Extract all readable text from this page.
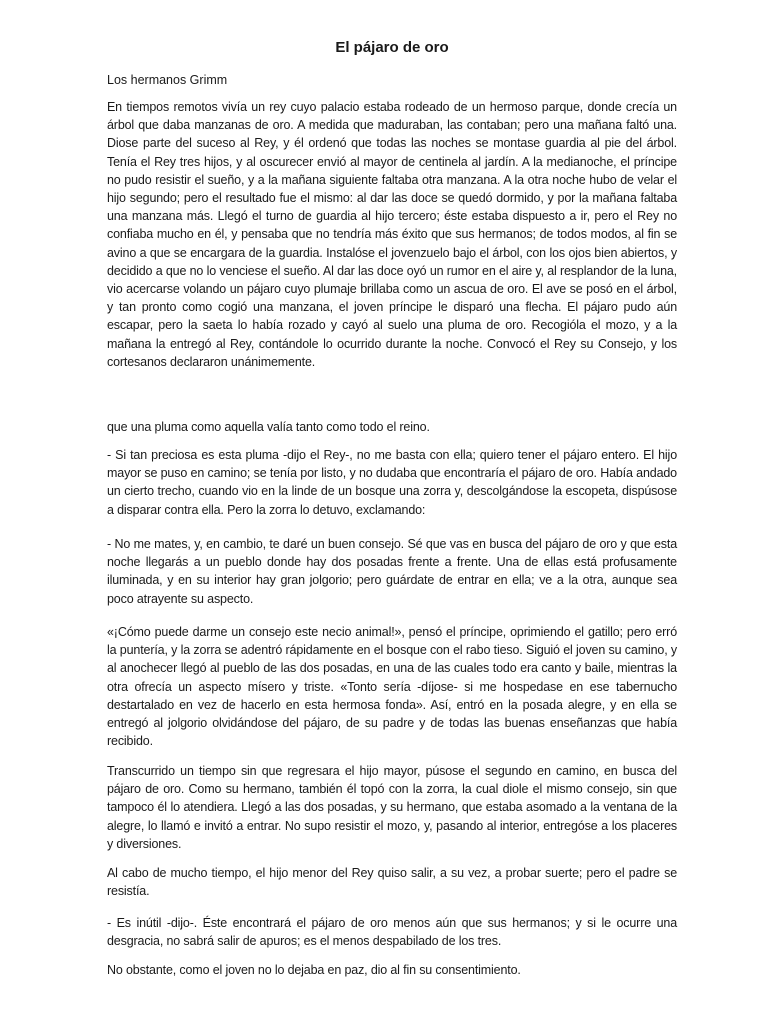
El pájaro de oro

Los hermanos Grimm

En tiempos remotos vivía un rey cuyo palacio estaba rodeado de un hermoso parque, donde crecía un árbol que daba manzanas de oro. A medida que maduraban, las contaban; pero una mañana faltó una. Diose parte del suceso al Rey, y él ordenó que todas las noches se montase guardia al pie del árbol. Tenía el Rey tres hijos, y al oscurecer envió al mayor de centinela al jardín. A la medianoche, el príncipe no pudo resistir el sueño, y a la mañana siguiente faltaba otra manzana. A la otra noche hubo de velar el hijo segundo; pero el resultado fue el mismo: al dar las doce se quedó dormido, y por la mañana faltaba una manzana más. Llegó el turno de guardia al hijo tercero; éste estaba dispuesto a ir, pero el Rey no confiaba mucho en él, y pensaba que no tendría más éxito que sus hermanos; de todos modos, al fin se avino a que se encargara de la guardia. Instalóse el jovenzuelo bajo el árbol, con los ojos bien abiertos, y decidido a que no lo venciese el sueño. Al dar las doce oyó un rumor en el aire y, al resplandor de la luna, vio acercarse volando un pájaro cuyo plumaje brillaba como un ascua de oro. El ave se posó en el árbol, y tan pronto como cogió una manzana, el joven príncipe le disparó una flecha. El pájaro pudo aún escapar, pero la saeta lo había rozado y cayó al suelo una pluma de oro. Recogióla el mozo, y a la mañana la entregó al Rey, contándole lo ocurrido durante la noche. Convocó el Rey su Consejo, y los cortesanos declararon unánimemente.

que una pluma como aquella valía tanto como todo el reino.

- Si tan preciosa es esta pluma -dijo el Rey-, no me basta con ella; quiero tener el pájaro entero. El hijo mayor se puso en camino; se tenía por listo, y no dudaba que encontraría el pájaro de oro. Había andado un cierto trecho, cuando vio en la linde de un bosque una zorra y, descolgándose la escopeta, dispúsose a disparar contra ella. Pero la zorra lo detuvo, exclamando:

- No me mates, y, en cambio, te daré un buen consejo. Sé que vas en busca del pájaro de oro y que esta noche llegarás a un pueblo donde hay dos posadas frente a frente. Una de ellas está profusamente iluminada, y en su interior hay gran jolgorio; pero guárdate de entrar en ella; ve a la otra, aunque sea poco atrayente su aspecto.

«¡Cómo puede darme un consejo este necio animal!», pensó el príncipe, oprimiendo el gatillo; pero erró la puntería, y la zorra se adentró rápidamente en el bosque con el rabo tieso. Siguió el joven su camino, y al anochecer llegó al pueblo de las dos posadas, en una de las cuales todo era canto y baile, mientras la otra ofrecía un aspecto mísero y triste. «Tonto sería -díjose- si me hospedase en ese tabernucho destartalado en vez de hacerlo en esta hermosa fonda». Así, entró en la posada alegre, y en ella se entregó al jolgorio olvidándose del pájaro, de su padre y de todas las buenas enseñanzas que había recibido.

Transcurrido un tiempo sin que regresara el hijo mayor, púsose el segundo en camino, en busca del pájaro de oro. Como su hermano, también él topó con la zorra, la cual diole el mismo consejo, sin que tampoco él lo atendiera. Llegó a las dos posadas, y su hermano, que estaba asomado a la ventana de la alegre, lo llamó e invitó a entrar. No supo resistir el mozo, y, pasando al interior, entregóse a los placeres y diversiones.

Al cabo de mucho tiempo, el hijo menor del Rey quiso salir, a su vez, a probar suerte; pero el padre se resistía.

- Es inútil -dijo-. Éste encontrará el pájaro de oro menos aún que sus hermanos; y si le ocurre una desgracia, no sabrá salir de apuros; es el menos despabilado de los tres.

No obstante, como el joven no lo dejaba en paz, dio al fin su consentimiento.
